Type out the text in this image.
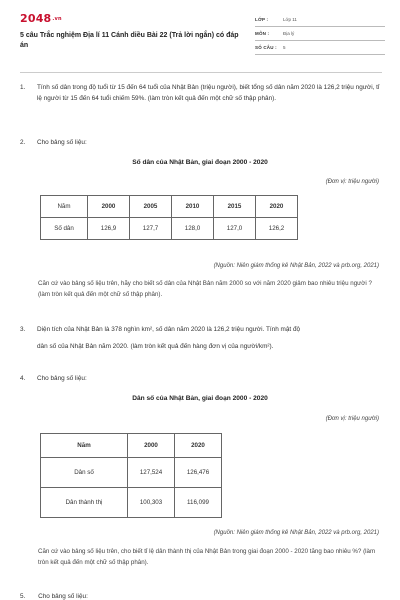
$2048^{.vn}$
5 câu Trắc nghiệm Địa lí 11 Cánh diều Bài 22 (Trả lời ngắn) có đáp án
LỚP :	Lớp 11
MÔN :	Địa lý
SỐ CÂU :	5
1. Tính số dân trong độ tuổi từ 15 đến 64 tuổi của Nhật Bản (triệu người), biết tổng số dân năm 2020 là 126,2 triệu người, tỉ lệ người từ 15 đến 64 tuổi chiếm 59%. (làm tròn kết quả đến một chữ số thập phân).
2. Cho bảng số liệu:
Số dân của Nhật Bản, giai đoạn 2000 - 2020
(Đơn vị: triệu người)
Năm	2000	2005	2010	2015	2020
Số dân	126,9	127,7	128,0	127,0	126,2
(Nguồn: Niên giám thống kê Nhật Bản, 2022 và prb.org, 2021)
Căn cứ vào bảng số liệu trên, hãy cho biết số dân của Nhật Bản năm 2000 so với năm 2020 giảm bao nhiêu triệu người ? (làm tròn kết quả đến một chữ số thập phân).
3. Diện tích của Nhật Bản là 378 nghìn km², số dân năm 2020 là 126,2 triệu người. Tính mật độ
dân số của Nhật Bản năm 2020. (làm tròn kết quả đến hàng đơn vị của người/km²).
4. Cho bảng số liệu:
Dân số của Nhật Bản, giai đoạn 2000 - 2020
(Đơn vị: triệu người)
Năm	2000	2020
Dân số	127,524	126,476
Dân thành thị	100,303	116,099
(Nguồn: Niên giám thống kê Nhật Bản, 2022 và prb.org, 2021)
Căn cứ vào bảng số liệu trên, cho biết tỉ lệ dân thành thị của Nhật Bản trong giai đoạn 2000 - 2020 tăng bao nhiêu %? (làm tròn kết quả đến một chữ số thập phân).
5. Cho bảng số liệu:
